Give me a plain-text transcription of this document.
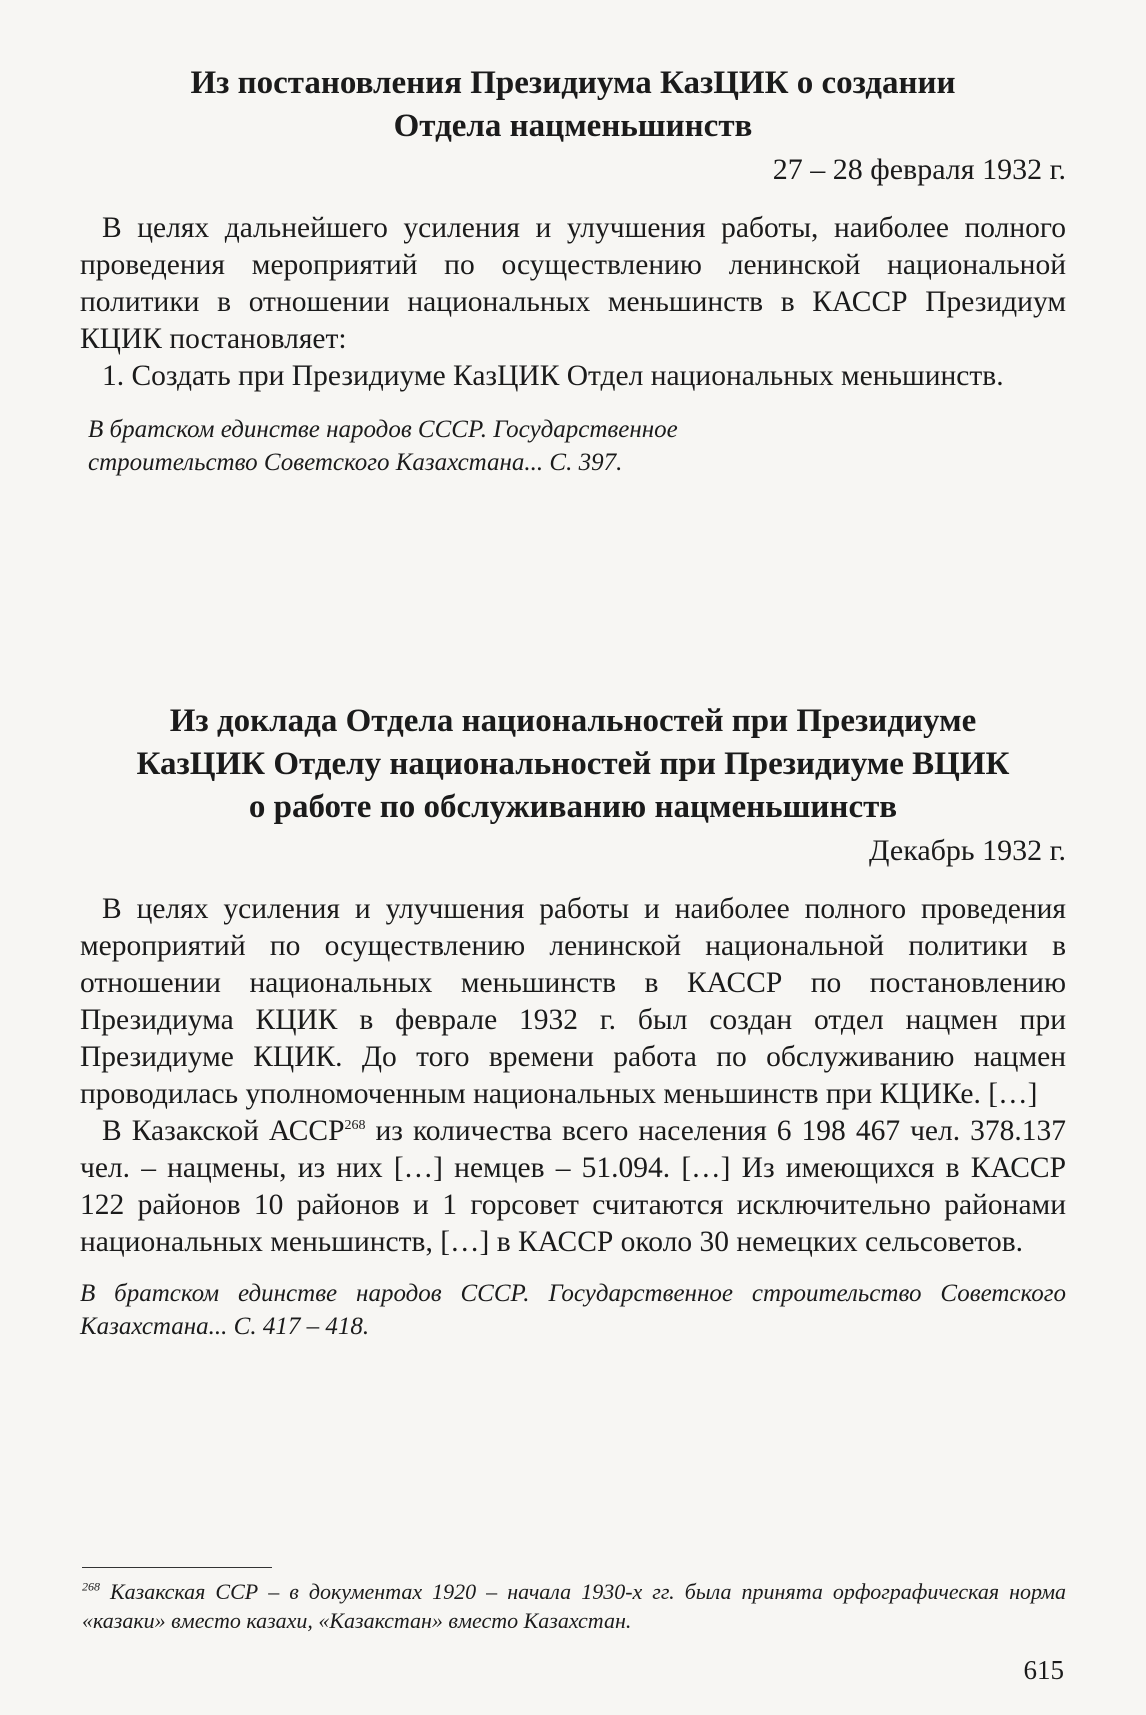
Из постановления Президиума КазЦИК о создании
Отдела нацменьшинств
27 – 28 февраля 1932 г.

В целях дальнейшего усиления и улучшения работы, наиболее полного проведения мероприятий по осуществлению ленинской национальной политики в отношении национальных меньшинств в КАССР Президиум КЦИК постановляет:

1. Создать при Президиуме КазЦИК Отдел национальных меньшинств.

В братском единстве народов СССР. Государственное
строительство Советского Казахстана... С. 397.
Из доклада Отдела национальностей при Президиуме
КазЦИК Отделу национальностей при Президиуме ВЦИК
о работе по обслуживанию нацменьшинств
Декабрь 1932 г.

В целях усиления и улучшения работы и наиболее полного проведения мероприятий по осуществлению ленинской национальной политики в отношении национальных меньшинств в КАССР по постановлению Президиума КЦИК в феврале 1932 г. был создан отдел нацмен при Президиуме КЦИК. До того времени работа по обслуживанию нацмен проводилась уполномоченным национальных меньшинств при КЦИКе. […]

В Казакской АССР$^{268}$ из количества всего населения 6 198 467 чел. 378.137 чел. – нацмены, из них […] немцев – 51.094. […] Из имеющихся в КАССР 122 районов 10 районов и 1 горсовет считаются исключительно районами национальных меньшинств, […] в КАССР около 30 немецких сельсоветов.

В братском единстве народов СССР. Государственное строительство Советского Казахстана... С. 417 – 418.
$^{268}$ Казакская ССР – в документах 1920 – начала 1930-х гг. была принята орфографическая норма «казаки» вместо казахи, «Казакстан» вместо Казахстан.
615
